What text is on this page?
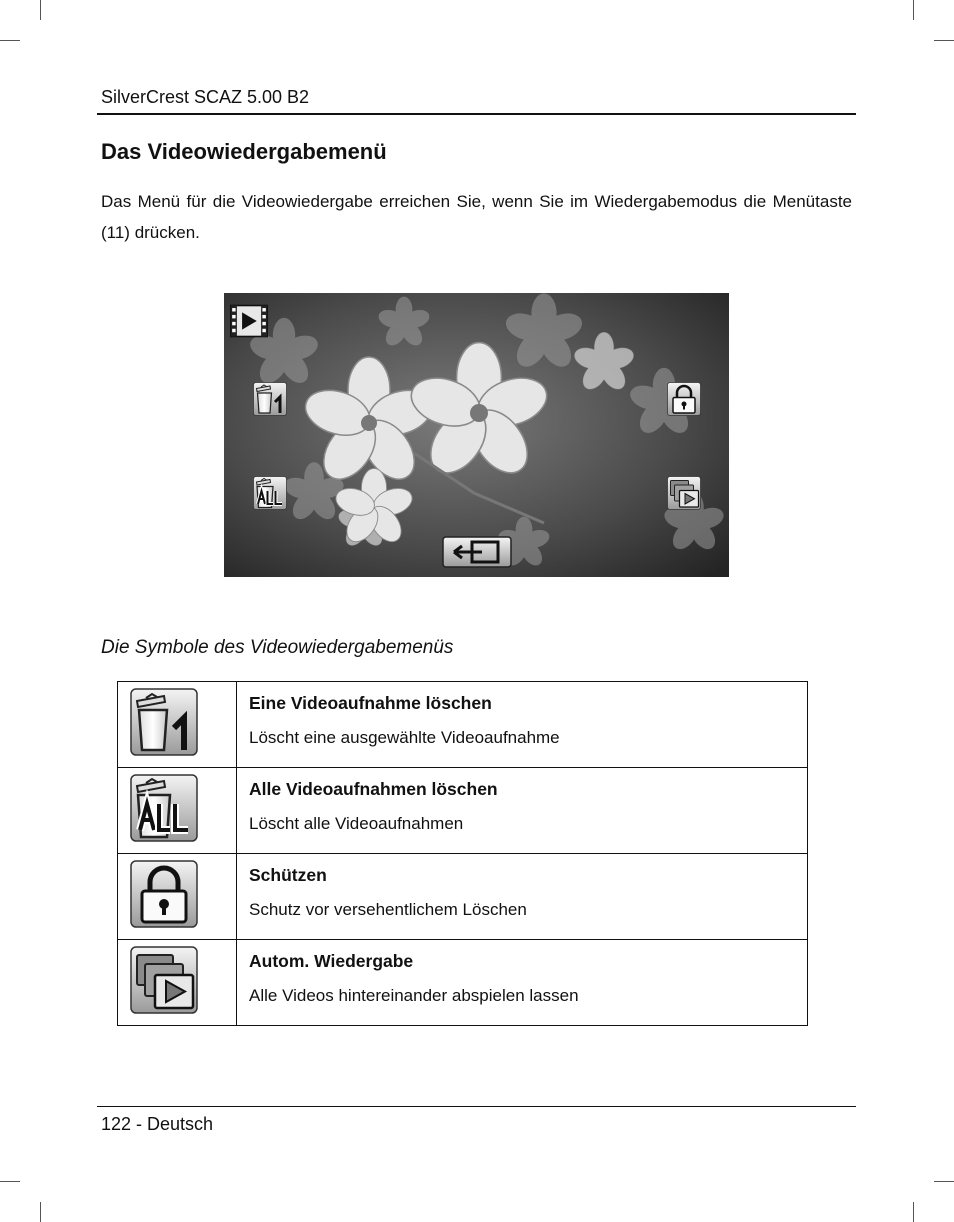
SilverCrest SCAZ 5.00 B2
Das Videowiedergabemenü

Das Menü für die Videowiedergabe erreichen Sie, wenn Sie im Wiedergabemodus die Menütaste (11) drücken.

Die Symbole des Videowiedergabemenüs

Eine Videoaufnahme löschen
Löscht eine ausgewählte Videoaufnahme

Alle Videoaufnahmen löschen
Löscht alle Videoaufnahmen

Schützen
Schutz vor versehentlichem Löschen

Autom. Wiedergabe
Alle Videos hintereinander abspielen lassen
122 - Deutsch
